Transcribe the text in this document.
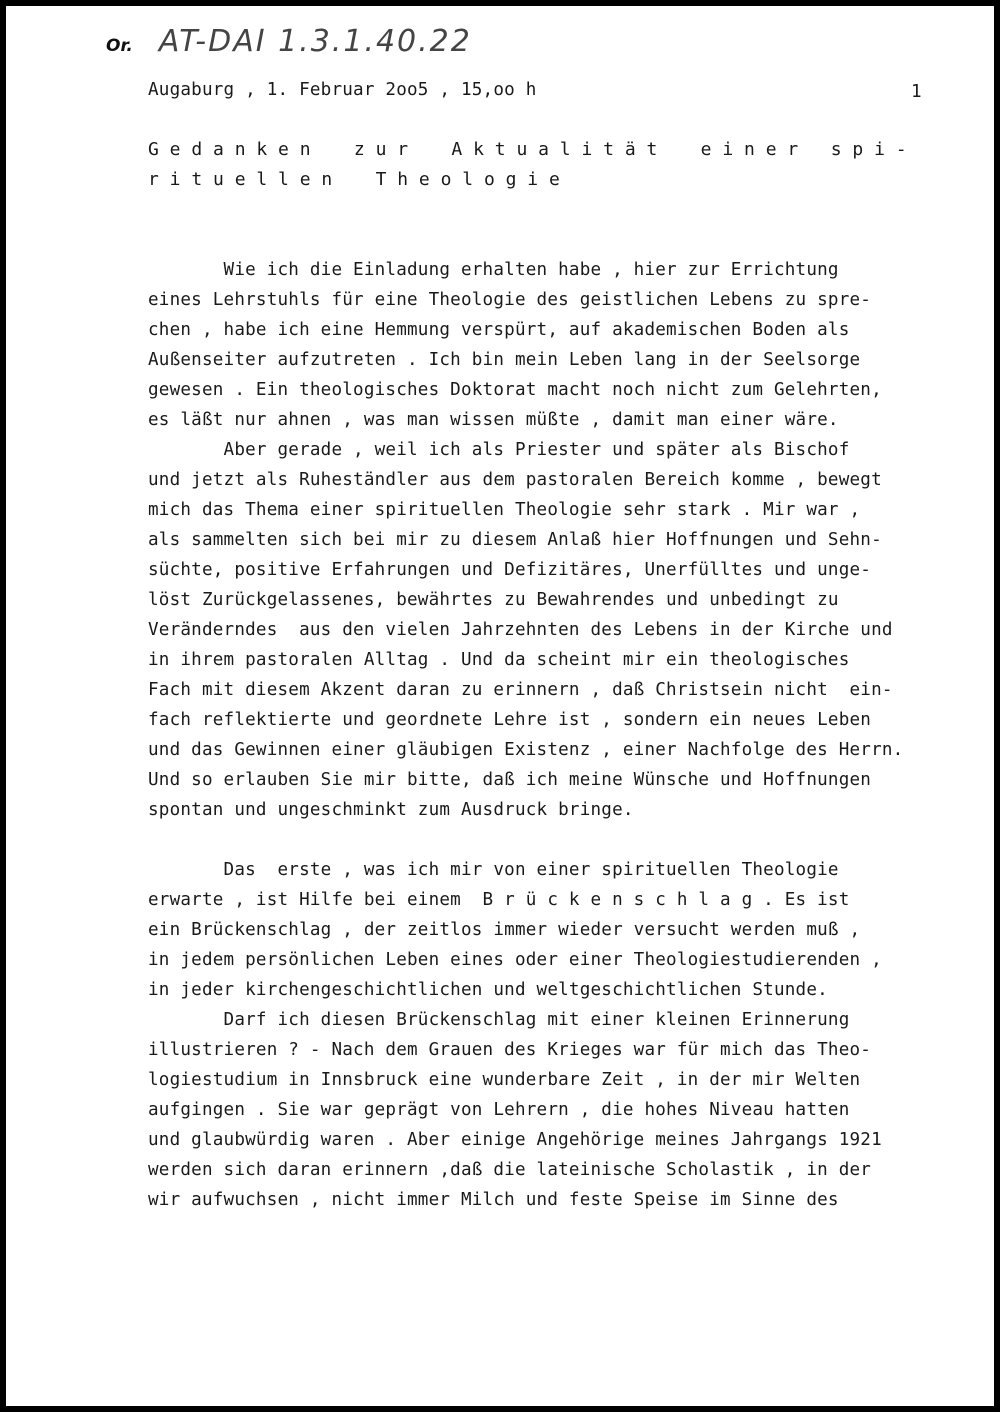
Or. AT-DAI 1.3.1.40.22
Augaburg , 1. Februar 2oo5 , 15,oo h	1
G e d a n k e n    z u r    A k t u a l i t ä t    e i n e r   s p i -
r i t u e l l e n    T h e o l o g i e
Wie ich die Einladung erhalten habe , hier zur Errichtung
eines Lehrstuhls für eine Theologie des geistlichen Lebens zu spre-
chen , habe ich eine Hemmung verspürt, auf akademischen Boden als
Außenseiter aufzutreten . Ich bin mein Leben lang in der Seelsorge
gewesen . Ein theologisches Doktorat macht noch nicht zum Gelehrten,
es läßt nur ahnen , was man wissen müßte , damit man einer wäre.
Aber gerade , weil ich als Priester und später als Bischof
und jetzt als Ruheständler aus dem pastoralen Bereich komme , bewegt
mich das Thema einer spirituellen Theologie sehr stark . Mir war ,
als sammelten sich bei mir zu diesem Anlaß hier Hoffnungen und Sehn-
süchte, positive Erfahrungen und Defizitäres, Unerfülltes und unge-
löst Zurückgelassenes, bewährtes zu Bewahrendes und unbedingt zu
Veränderndes  aus den vielen Jahrzehnten des Lebens in der Kirche und
in ihrem pastoralen Alltag . Und da scheint mir ein theologisches
Fach mit diesem Akzent daran zu erinnern , daß Christsein nicht  ein-
fach reflektierte und geordnete Lehre ist , sondern ein neues Leben
und das Gewinnen einer gläubigen Existenz , einer Nachfolge des Herrn.
Und so erlauben Sie mir bitte, daß ich meine Wünsche und Hoffnungen
spontan und ungeschminkt zum Ausdruck bringe.
Das  erste , was ich mir von einer spirituellen Theologie
erwarte , ist Hilfe bei einem  B r ü c k e n s c h l a g . Es ist
ein Brückenschlag , der zeitlos immer wieder versucht werden muß ,
in jedem persönlichen Leben eines oder einer Theologiestudierenden ,
in jeder kirchengeschichtlichen und weltgeschichtlichen Stunde.
Darf ich diesen Brückenschlag mit einer kleinen Erinnerung
illustrieren ? - Nach dem Grauen des Krieges war für mich das Theo-
logiestudium in Innsbruck eine wunderbare Zeit , in der mir Welten
aufgingen . Sie war geprägt von Lehrern , die hohes Niveau hatten
und glaubwürdig waren . Aber einige Angehörige meines Jahrgangs 1921
werden sich daran erinnern ,daß die lateinische Scholastik , in der
wir aufwuchsen , nicht immer Milch und feste Speise im Sinne des
